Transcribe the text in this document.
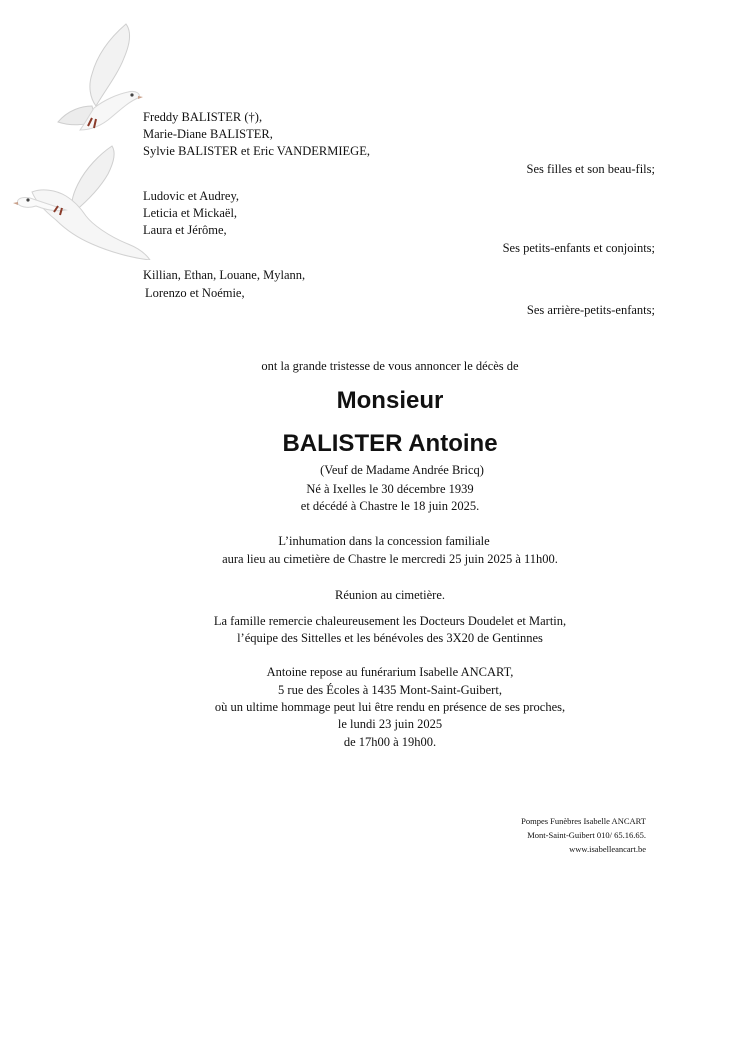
Freddy BALISTER (†),
Marie-Diane BALISTER,
Sylvie BALISTER et Eric VANDERMIEGE,
Ses filles et son beau-fils;
Ludovic et Audrey,
Leticia et Mickaël,
Laura et Jérôme,
Ses petits-enfants et conjoints;
Killian, Ethan, Louane, Mylann,
Lorenzo et Noémie,
Ses arrière-petits-enfants;
ont la grande tristesse de vous annoncer le décès de
Monsieur
BALISTER Antoine
(Veuf de Madame Andrée Bricq)
Né à Ixelles le 30 décembre 1939
et décédé à Chastre le 18 juin 2025.
L’inhumation dans la concession familiale
aura lieu au cimetière de Chastre le mercredi 25 juin 2025 à 11h00.
Réunion au cimetière.
La famille remercie chaleureusement les Docteurs Doudelet et Martin,
l’équipe des Sittelles et les bénévoles des 3X20 de Gentinnes
Antoine repose au funérarium Isabelle ANCART,
5 rue des Écoles à 1435 Mont-Saint-Guibert,
où un ultime hommage peut lui être rendu en présence de ses proches,
le lundi 23 juin 2025
de 17h00 à 19h00.
Pompes Funèbres Isabelle ANCART
Mont-Saint-Guibert 010/ 65.16.65.
www.isabelleancart.be
